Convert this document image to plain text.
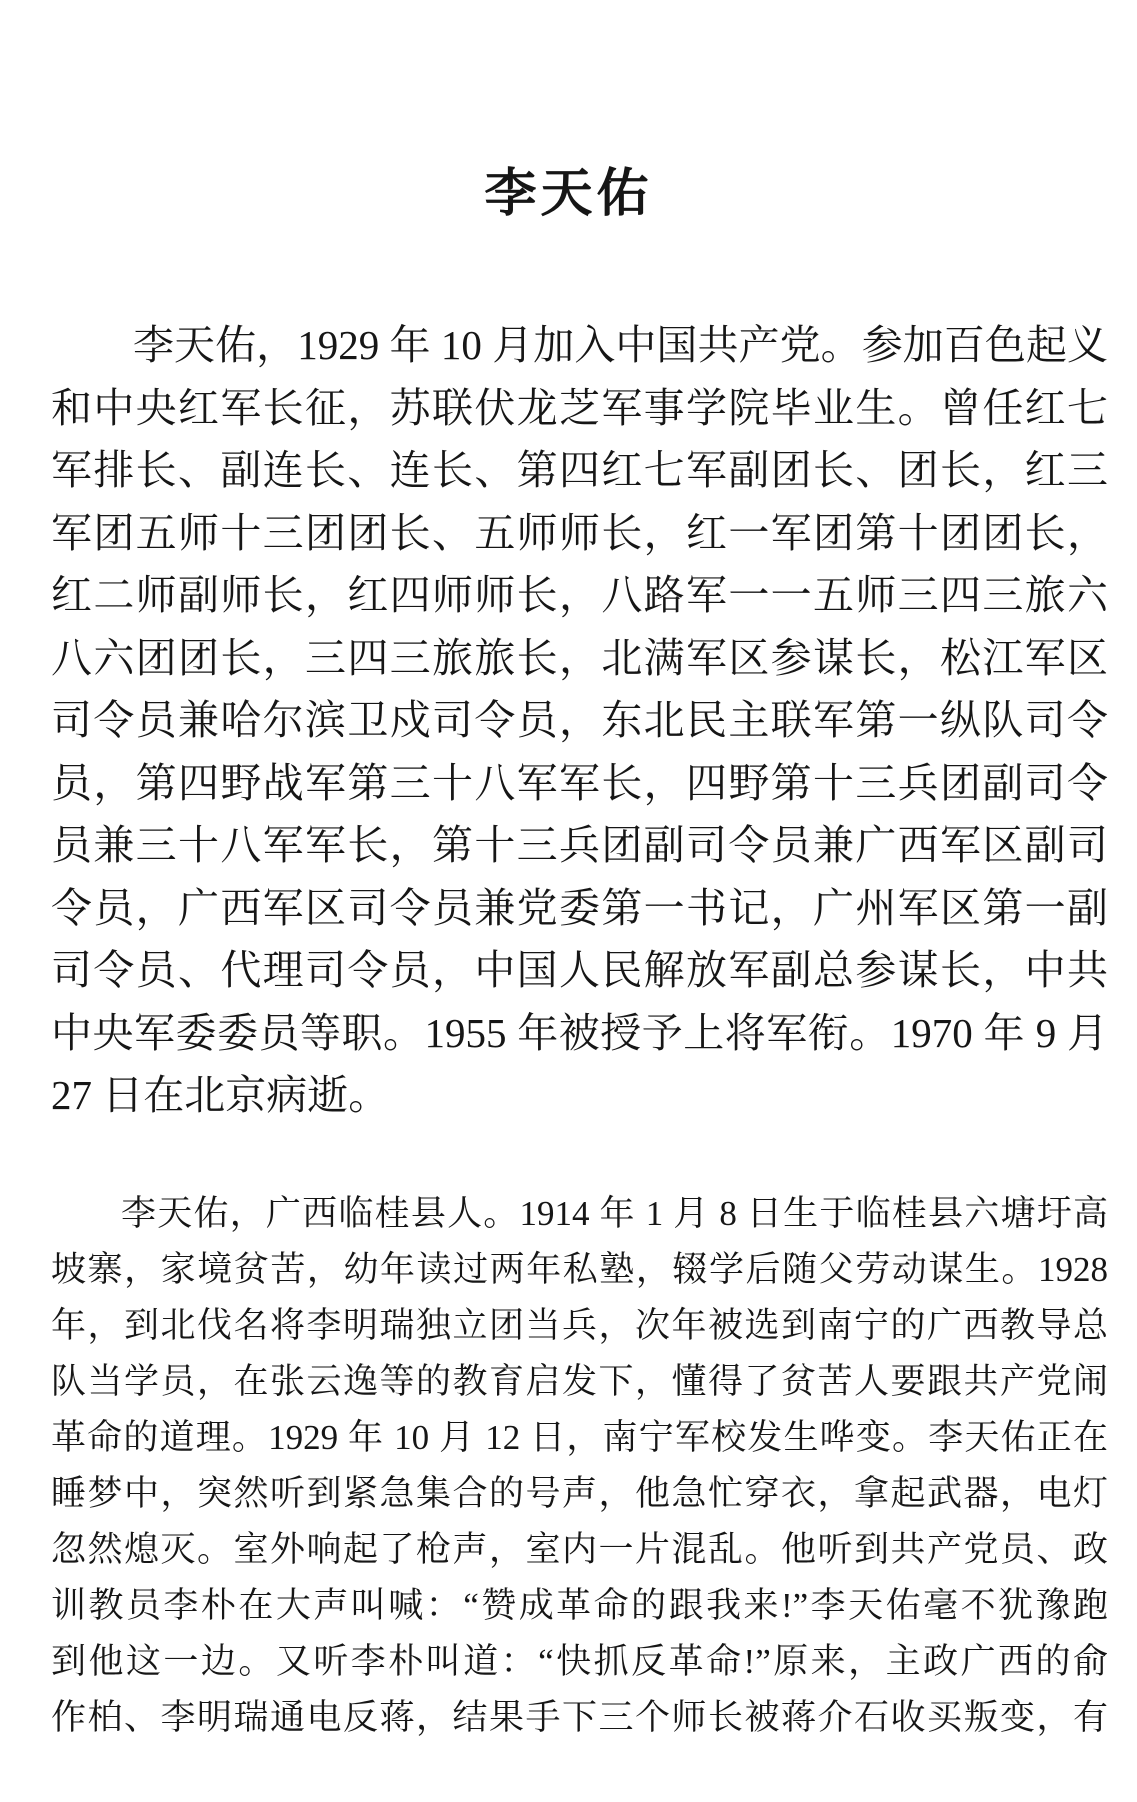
李天佑
李天佑，1929 年 10 月加入中国共产党。参加百色起义
和中央红军长征，苏联伏龙芝军事学院毕业生。曾任红七
军排长、副连长、连长、第四红七军副团长、团长，红三
军团五师十三团团长、五师师长，红一军团第十团团长，
红二师副师长，红四师师长，八路军一一五师三四三旅六
八六团团长，三四三旅旅长，北满军区参谋长，松江军区
司令员兼哈尔滨卫戍司令员，东北民主联军第一纵队司令
员，第四野战军第三十八军军长，四野第十三兵团副司令
员兼三十八军军长，第十三兵团副司令员兼广西军区副司
令员，广西军区司令员兼党委第一书记，广州军区第一副
司令员、代理司令员，中国人民解放军副总参谋长，中共
中央军委委员等职。1955 年被授予上将军衔。1970 年 9 月
27 日在北京病逝。
李天佑，广西临桂县人。1914 年 1 月 8 日生于临桂县六塘圩高
坡寨，家境贫苦，幼年读过两年私塾，辍学后随父劳动谋生。1928
年，到北伐名将李明瑞独立团当兵，次年被选到南宁的广西教导总
队当学员，在张云逸等的教育启发下，懂得了贫苦人要跟共产党闹
革命的道理。1929 年 10 月 12 日，南宁军校发生哗变。李天佑正在
睡梦中，突然听到紧急集合的号声，他急忙穿衣，拿起武器，电灯
忽然熄灭。室外响起了枪声，室内一片混乱。他听到共产党员、政
训教员李朴在大声叫喊：“赞成革命的跟我来!”李天佑毫不犹豫跑
到他这一边。又听李朴叫道：“快抓反革命!”原来，主政广西的俞
作柏、李明瑞通电反蒋，结果手下三个师长被蒋介石收买叛变，有
